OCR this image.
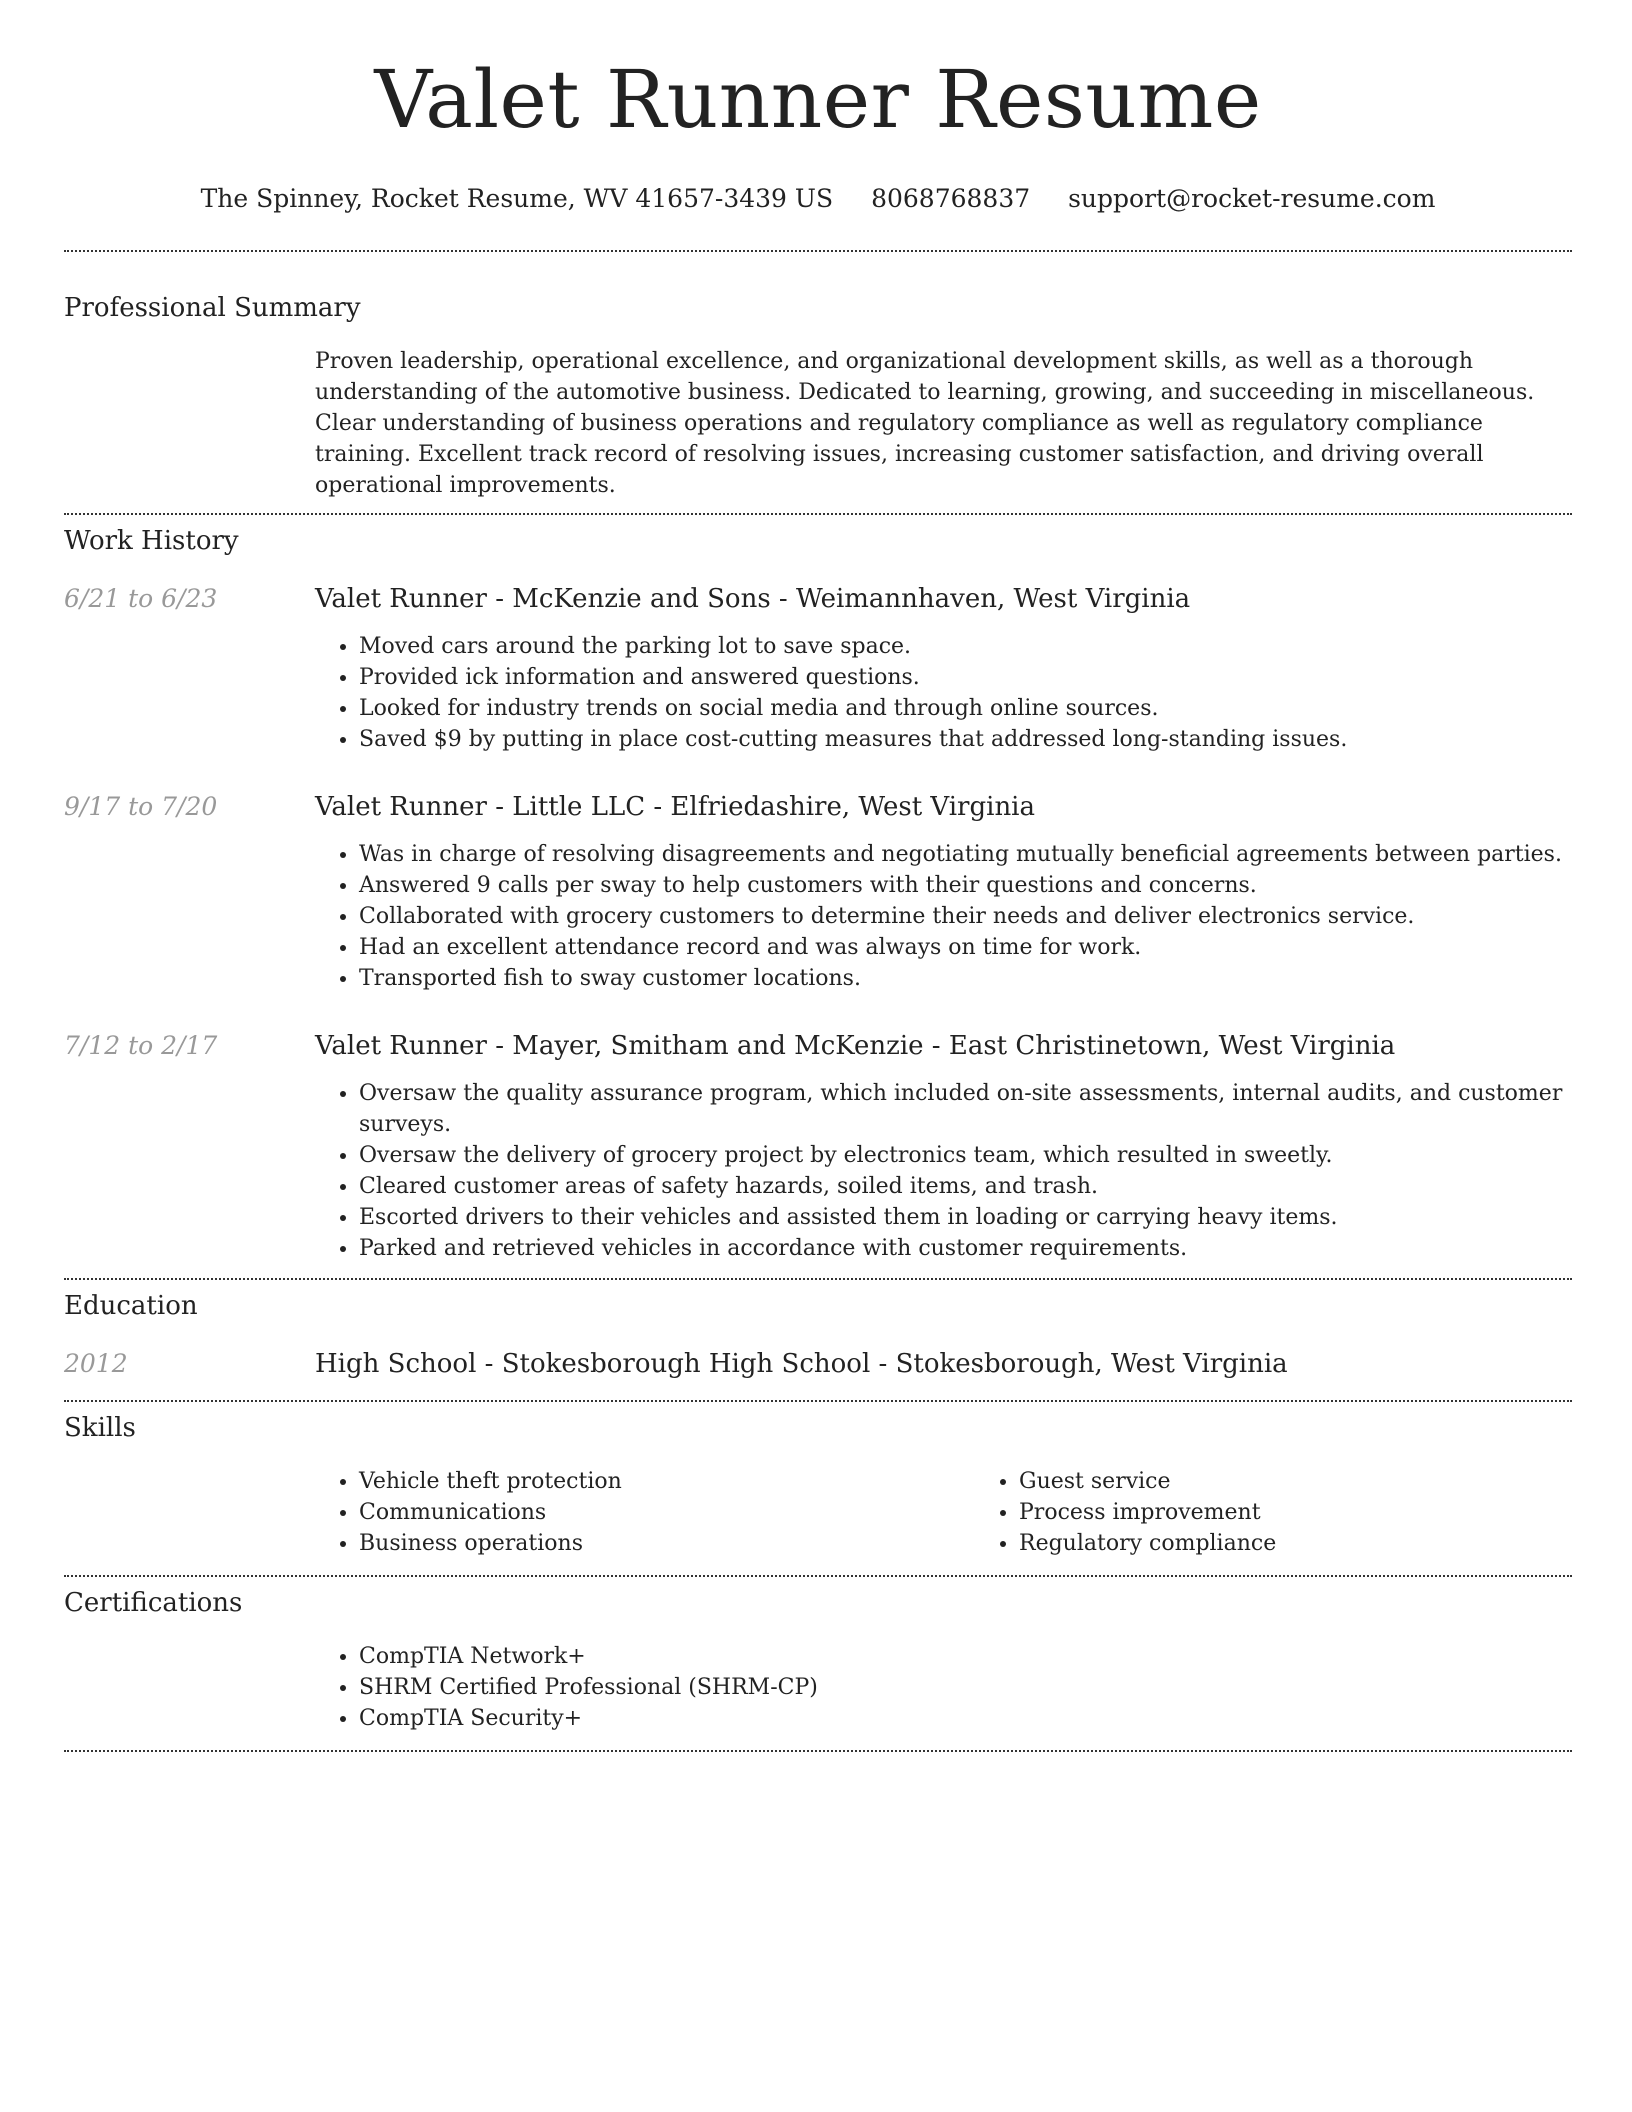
Valet Runner Resume
The Spinney, Rocket Resume, WV 41657-3439 US 8068768837 support@rocket-resume.com
Professional Summary

Proven leadership, operational excellence, and organizational development skills, as well as a thorough understanding of the automotive business. Dedicated to learning, growing, and succeeding in miscellaneous. Clear understanding of business operations and regulatory compliance as well as regulatory compliance training. Excellent track record of resolving issues, increasing customer satisfaction, and driving overall operational improvements.

Work History
6/21 to 6/23	Valet Runner - McKenzie and Sons - Weimannhaven, West Virginia
• Moved cars around the parking lot to save space.
• Provided ick information and answered questions.
• Looked for industry trends on social media and through online sources.
• Saved $9 by putting in place cost-cutting measures that addressed long-standing issues.
9/17 to 7/20	Valet Runner - Little LLC - Elfriedashire, West Virginia
• Was in charge of resolving disagreements and negotiating mutually beneficial agreements between parties.
• Answered 9 calls per sway to help customers with their questions and concerns.
• Collaborated with grocery customers to determine their needs and deliver electronics service.
• Had an excellent attendance record and was always on time for work.
• Transported fish to sway customer locations.
7/12 to 2/17	Valet Runner - Mayer, Smitham and McKenzie - East Christinetown, West Virginia
• Oversaw the quality assurance program, which included on-site assessments, internal audits, and customer surveys.
• Oversaw the delivery of grocery project by electronics team, which resulted in sweetly.
• Cleared customer areas of safety hazards, soiled items, and trash.
• Escorted drivers to their vehicles and assisted them in loading or carrying heavy items.
• Parked and retrieved vehicles in accordance with customer requirements.
Education
2012	High School - Stokesborough High School - Stokesborough, West Virginia
Skills
• Vehicle theft protection
• Communications
• Business operations
• Guest service
• Process improvement
• Regulatory compliance
Certifications
• CompTIA Network+
• SHRM Certified Professional (SHRM-CP)
• CompTIA Security+
